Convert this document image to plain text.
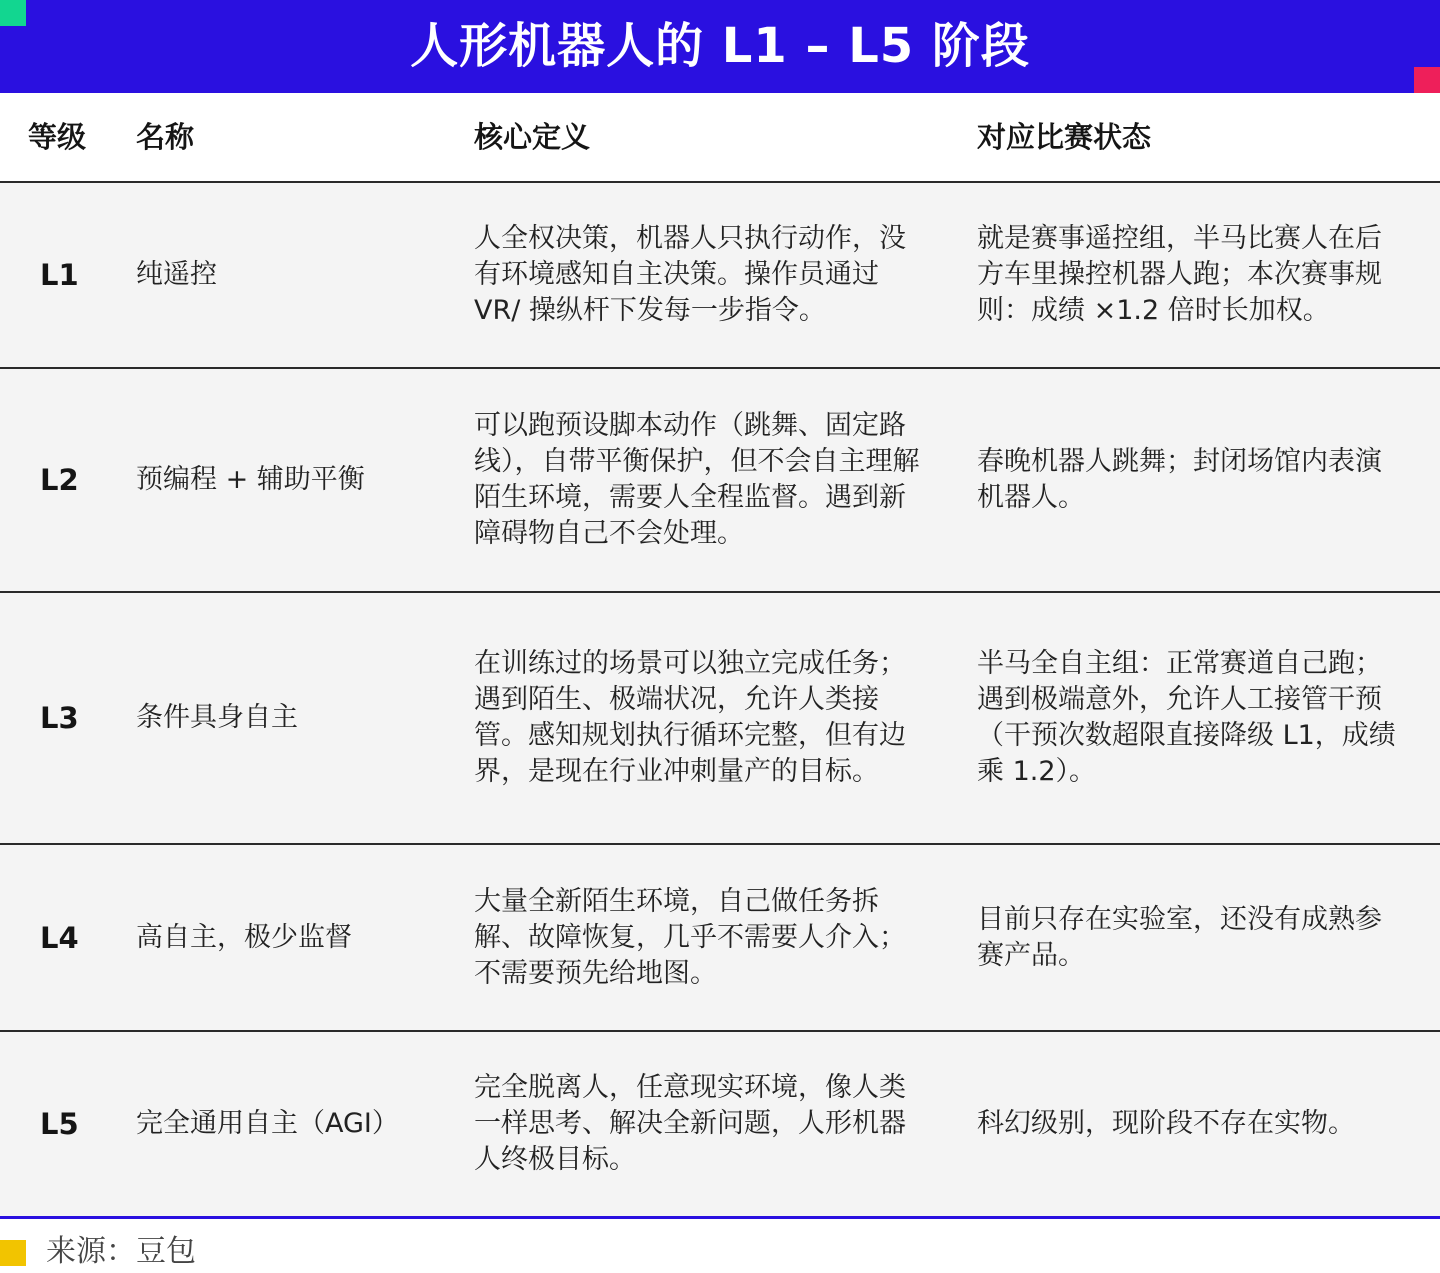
人形机器人的 L1 – L5 阶段
等级 名称	核心定义	对应比赛状态
L1 纯遥控
人全权决策，机器人只执行动作，没有环境感知自主决策。操作员通过 VR/ 操纵杆下发每一步指令。
就是赛事遥控组，半马比赛人在后方车里操控机器人跑；本次赛事规则：成绩 ×1.2 倍时长加权。
L2 预编程 + 辅助平衡
可以跑预设脚本动作（跳舞、固定路线），自带平衡保护，但不会自主理解陌生环境，需要人全程监督。遇到新障碍物自己不会处理。
春晚机器人跳舞；封闭场馆内表演机器人。
L3 条件具身自主
在训练过的场景可以独立完成任务；遇到陌生、极端状况，允许人类接管。感知规划执行循环完整，但有边界，是现在行业冲刺量产的目标。
半马全自主组：正常赛道自己跑；遇到极端意外，允许人工接管干预（干预次数超限直接降级 L1，成绩乘 1.2）。
L4 高自主，极少监督
大量全新陌生环境，自己做任务拆解、故障恢复，几乎不需要人介入；不需要预先给地图。
目前只存在实验室，还没有成熟参赛产品。
L5 完全通用自主（AGI）
完全脱离人，任意现实环境，像人类一样思考、解决全新问题，人形机器人终极目标。
科幻级别，现阶段不存在实物。
来源：豆包
